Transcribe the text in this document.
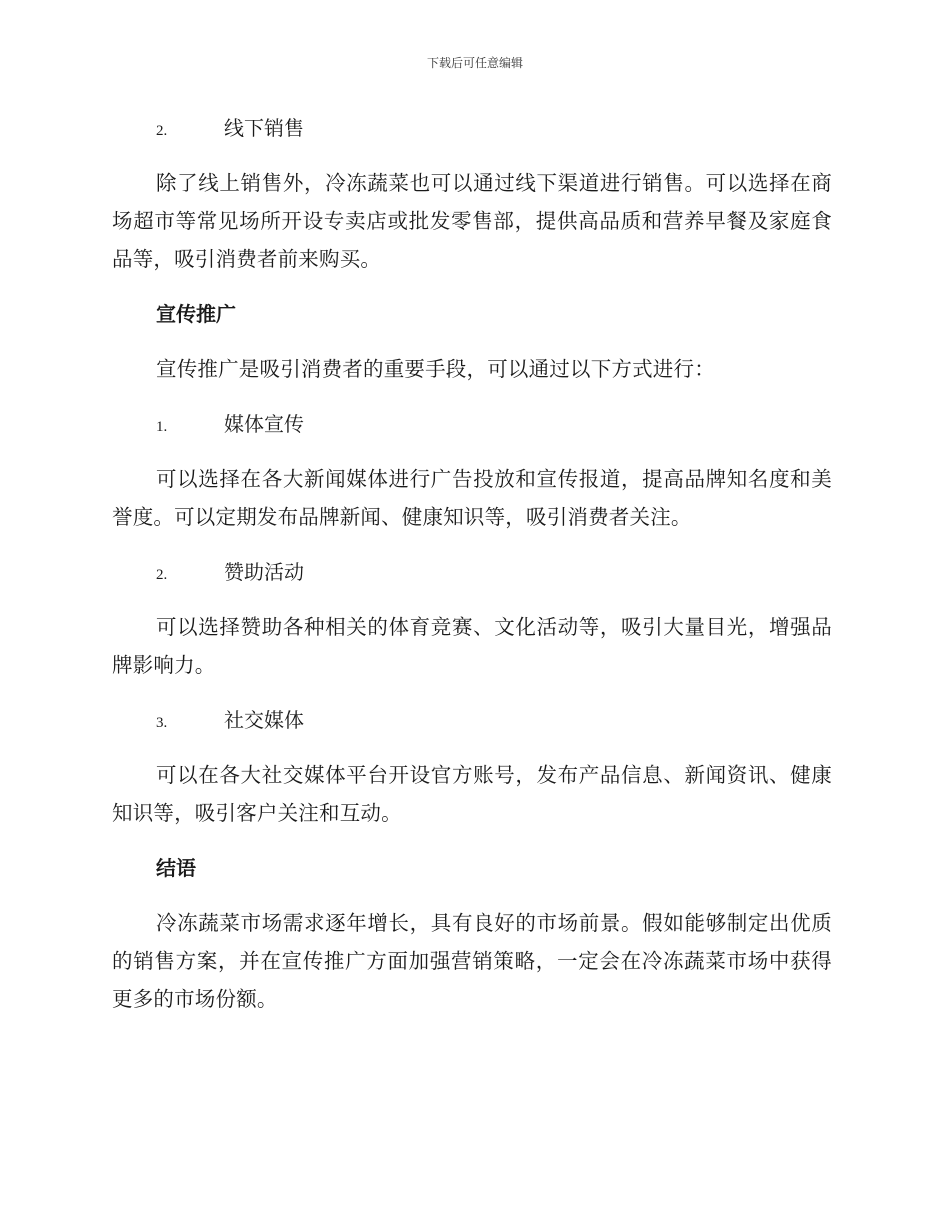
下载后可任意编辑
2.	线下销售

除了线上销售外，冷冻蔬菜也可以通过线下渠道进行销售。可以选择在商场超市等常见场所开设专卖店或批发零售部，提供高品质和营养早餐及家庭食品等，吸引消费者前来购买。

宣传推广

宣传推广是吸引消费者的重要手段，可以通过以下方式进行：

1.	媒体宣传

可以选择在各大新闻媒体进行广告投放和宣传报道，提高品牌知名度和美誉度。可以定期发布品牌新闻、健康知识等，吸引消费者关注。

2.	赞助活动

可以选择赞助各种相关的体育竞赛、文化活动等，吸引大量目光，增强品牌影响力。

3.	社交媒体

可以在各大社交媒体平台开设官方账号，发布产品信息、新闻资讯、健康知识等，吸引客户关注和互动。

结语

冷冻蔬菜市场需求逐年增长，具有良好的市场前景。假如能够制定出优质的销售方案，并在宣传推广方面加强营销策略，一定会在冷冻蔬菜市场中获得更多的市场份额。
